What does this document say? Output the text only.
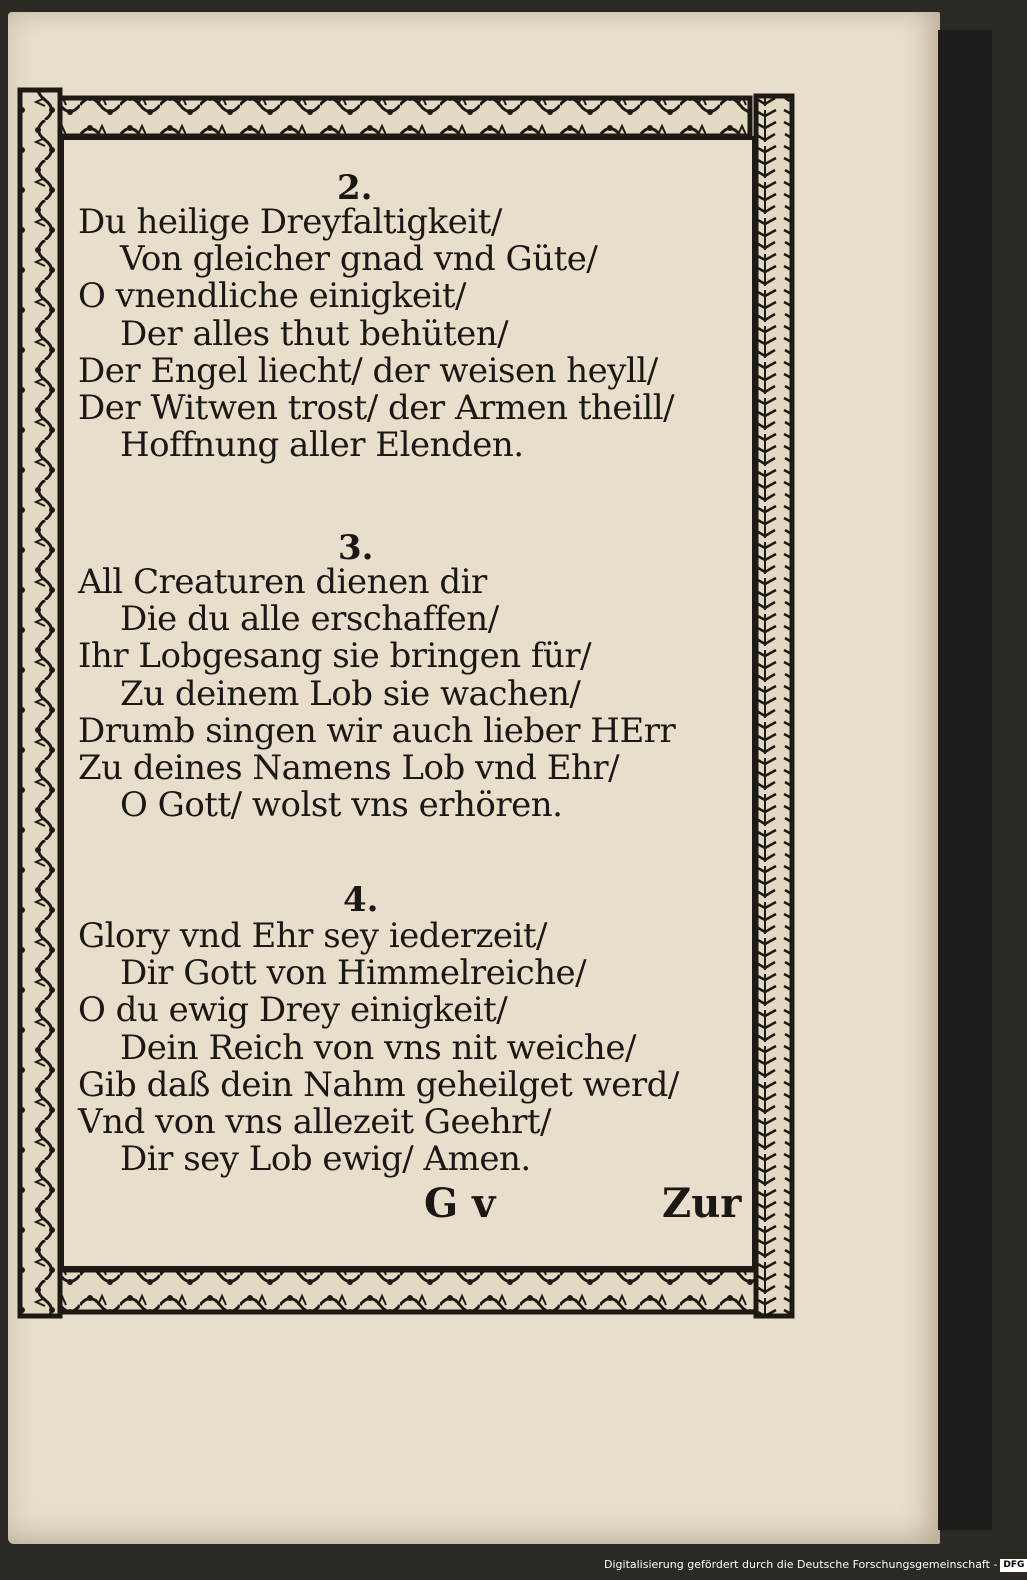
2.
Du heilige Dreyfaltigkeit/
Von gleicher gnad vnd Güte/
O vnendliche einigkeit/
Der alles thut behüten/
Der Engel liecht/ der weisen heyll/
Der Witwen trost/ der Armen theill/
Hoffnung aller Elenden.
3.
All Creaturen dienen dir
Die du alle erschaffen/
Ihr Lobgesang sie bringen für/
Zu deinem Lob sie wachen/
Drumb singen wir auch lieber HErr
Zu deines Namens Lob vnd Ehr/
O Gott/ wolst vns erhören.
4.
Glory vnd Ehr sey iederzeit/
Dir Gott von Himmelreiche/
O du ewig Drey einigkeit/
Dein Reich von vns nit weiche/
Gib daß dein Nahm geheilget werd/
Vnd von vns allezeit Geehrt/
Dir sey Lob ewig/ Amen.
G v	Zur
Digitalisierung gefördert durch die Deutsche Forschungsgemeinschaft - DFG
